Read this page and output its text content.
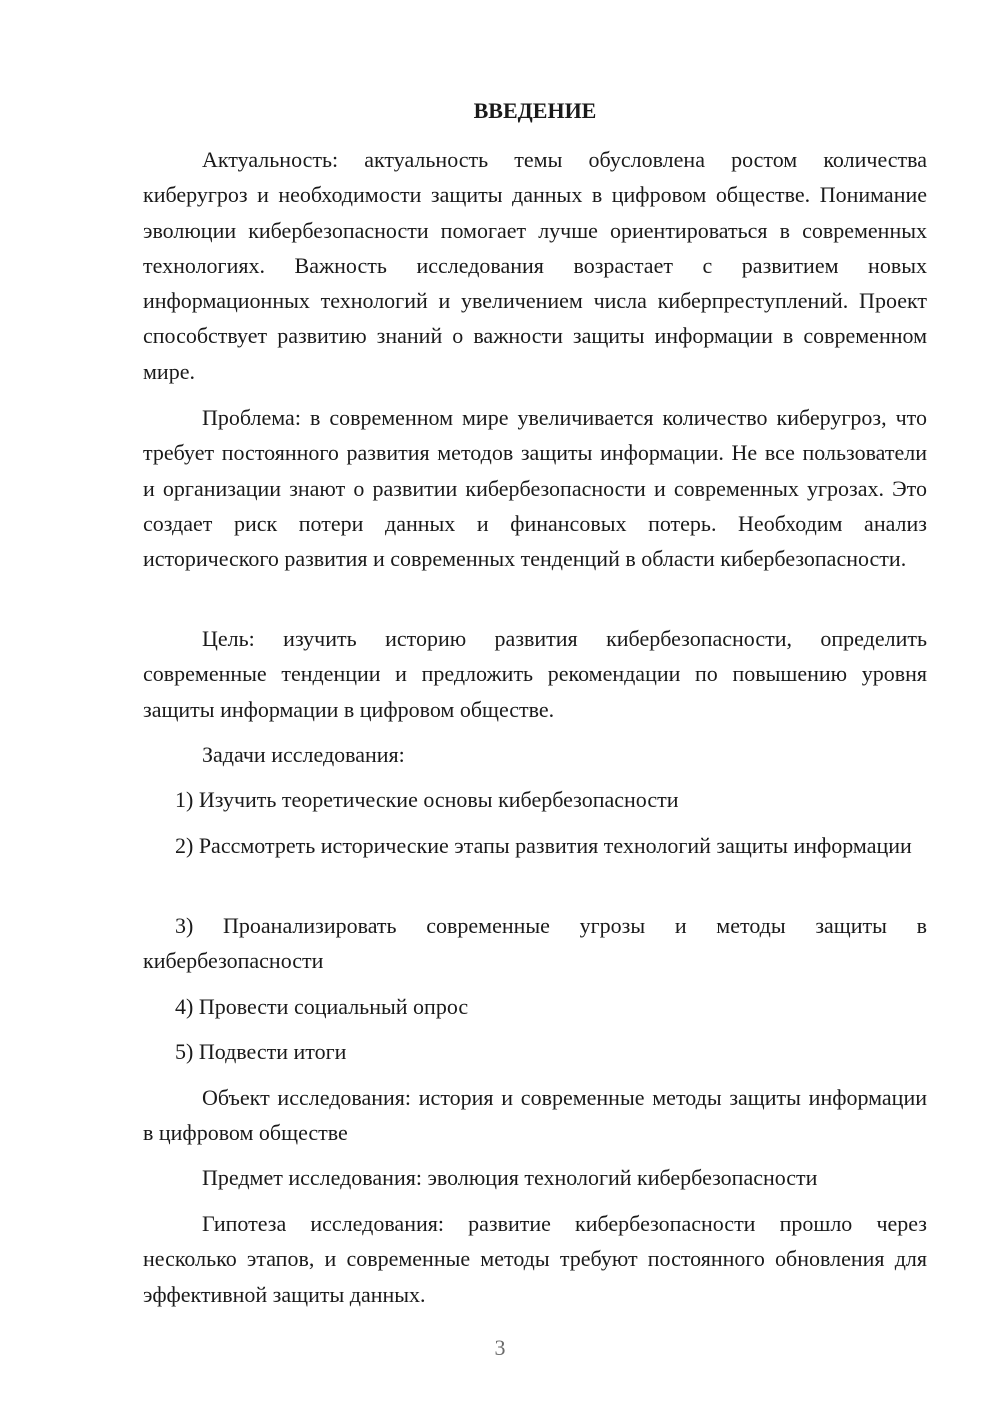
ВВЕДЕНИЕ

Актуальность: актуальность темы обусловлена ростом количества киберугроз и необходимости защиты данных в цифровом обществе. Понимание эволюции кибербезопасности помогает лучше ориентироваться в современных технологиях. Важность исследования возрастает с развитием новых информационных технологий и увеличением числа киберпреступлений. Проект способствует развитию знаний о важности защиты информации в современном мире.

Проблема: в современном мире увеличивается количество киберугроз, что требует постоянного развития методов защиты информации. Не все пользователи и организации знают о развитии кибербезопасности и современных угрозах. Это создает риск потери данных и финансовых потерь. Необходим анализ исторического развития и современных тенденций в области кибербезопасности.

Цель: изучить историю развития кибербезопасности, определить современные тенденции и предложить рекомендации по повышению уровня защиты информации в цифровом обществе.

Задачи исследования:

1) Изучить теоретические основы кибербезопасности

2) Рассмотреть исторические этапы развития технологий защиты информации

3) Проанализировать современные угрозы и методы защиты в кибербезопасности

4) Провести социальный опрос

5) Подвести итоги

Объект исследования: история и современные методы защиты информации в цифровом обществе

Предмет исследования: эволюция технологий кибербезопасности

Гипотеза исследования: развитие кибербезопасности прошло через несколько этапов, и современные методы требуют постоянного обновления для эффективной защиты данных.

3
